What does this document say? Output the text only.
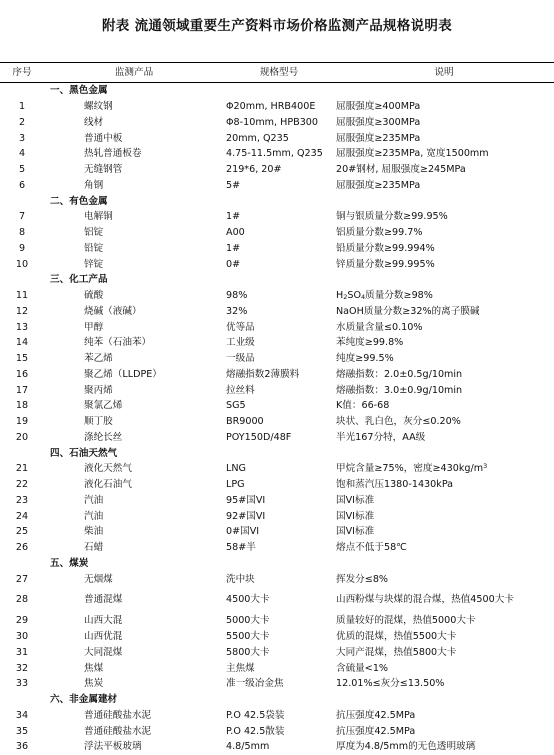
附表 流通领域重要生产资料市场价格监测产品规格说明表
序号	监测产品	规格型号	说明
	一、黑色金属		
1	螺纹钢	Φ20mm, HRB400E	屈服强度≥400MPa
2	线材	Φ8-10mm, HPB300	屈服强度≥300MPa
3	普通中板	20mm, Q235	屈服强度≥235MPa
4	热轧普通板卷	4.75-11.5mm, Q235	屈服强度≥235MPa, 宽度1500mm
5	无缝钢管	219*6, 20#	20#钢材, 屈服强度≥245MPa
6	角钢	5#	屈服强度≥235MPa
	二、有色金属		
7	电解铜	1#	铜与银质量分数≥99.95%
8	铝锭	A00	铝质量分数≥99.7%
9	铅锭	1#	铅质量分数≥99.994%
10	锌锭	0#	锌质量分数≥99.995%
	三、化工产品		
11	硫酸	98%	$H_2SO_4$质量分数≥98%
12	烧碱（液碱）	32%	NaOH质量分数≥32%的离子膜碱
13	甲醇	优等品	水质量含量≤0.10%
14	纯苯（石油苯）	工业级	苯纯度≥99.8%
15	苯乙烯	一级品	纯度≥99.5%
16	聚乙烯（LLDPE）	熔融指数2薄膜料	熔融指数：2.0±0.5g/10min
17	聚丙烯	拉丝料	熔融指数：3.0±0.9g/10min
18	聚氯乙烯	SG5	K值：66-68
19	顺丁胶	BR9000	块状、乳白色，灰分≤0.20%
20	涤纶长丝	POY150D/48F	半光167分特，AA级
	四、石油天然气		
21	液化天然气	LNG	甲烷含量≥75%，密度$\ge 430kg/m^3$
22	液化石油气	LPG	饱和蒸汽压1380-1430kPa
23	汽油	95#国VI	国VI标准
24	汽油	92#国VI	国VI标准
25	柴油	0#国VI	国VI标准
26	石蜡	58#半	熔点不低于58℃
	五、煤炭		
27	无烟煤	洗中块	挥发分≤8%
28	普通混煤	4500大卡	山西粉煤与块煤的混合煤，热值4500大卡
29	山西大混	5000大卡	质量较好的混煤，热值5000大卡
30	山西优混	5500大卡	优质的混煤，热值5500大卡
31	大同混煤	5800大卡	大同产混煤，热值5800大卡
32	焦煤	主焦煤	含硫量<1%
33	焦炭	准一级冶金焦	12.01%≤灰分≤13.50%
	六、非金属建材		
34	普通硅酸盐水泥	P.O 42.5袋装	抗压强度42.5MPa
35	普通硅酸盐水泥	P.O 42.5散装	抗压强度42.5MPa
36	浮法平板玻璃	4.8/5mm	厚度为4.8/5mm的无色透明玻璃
